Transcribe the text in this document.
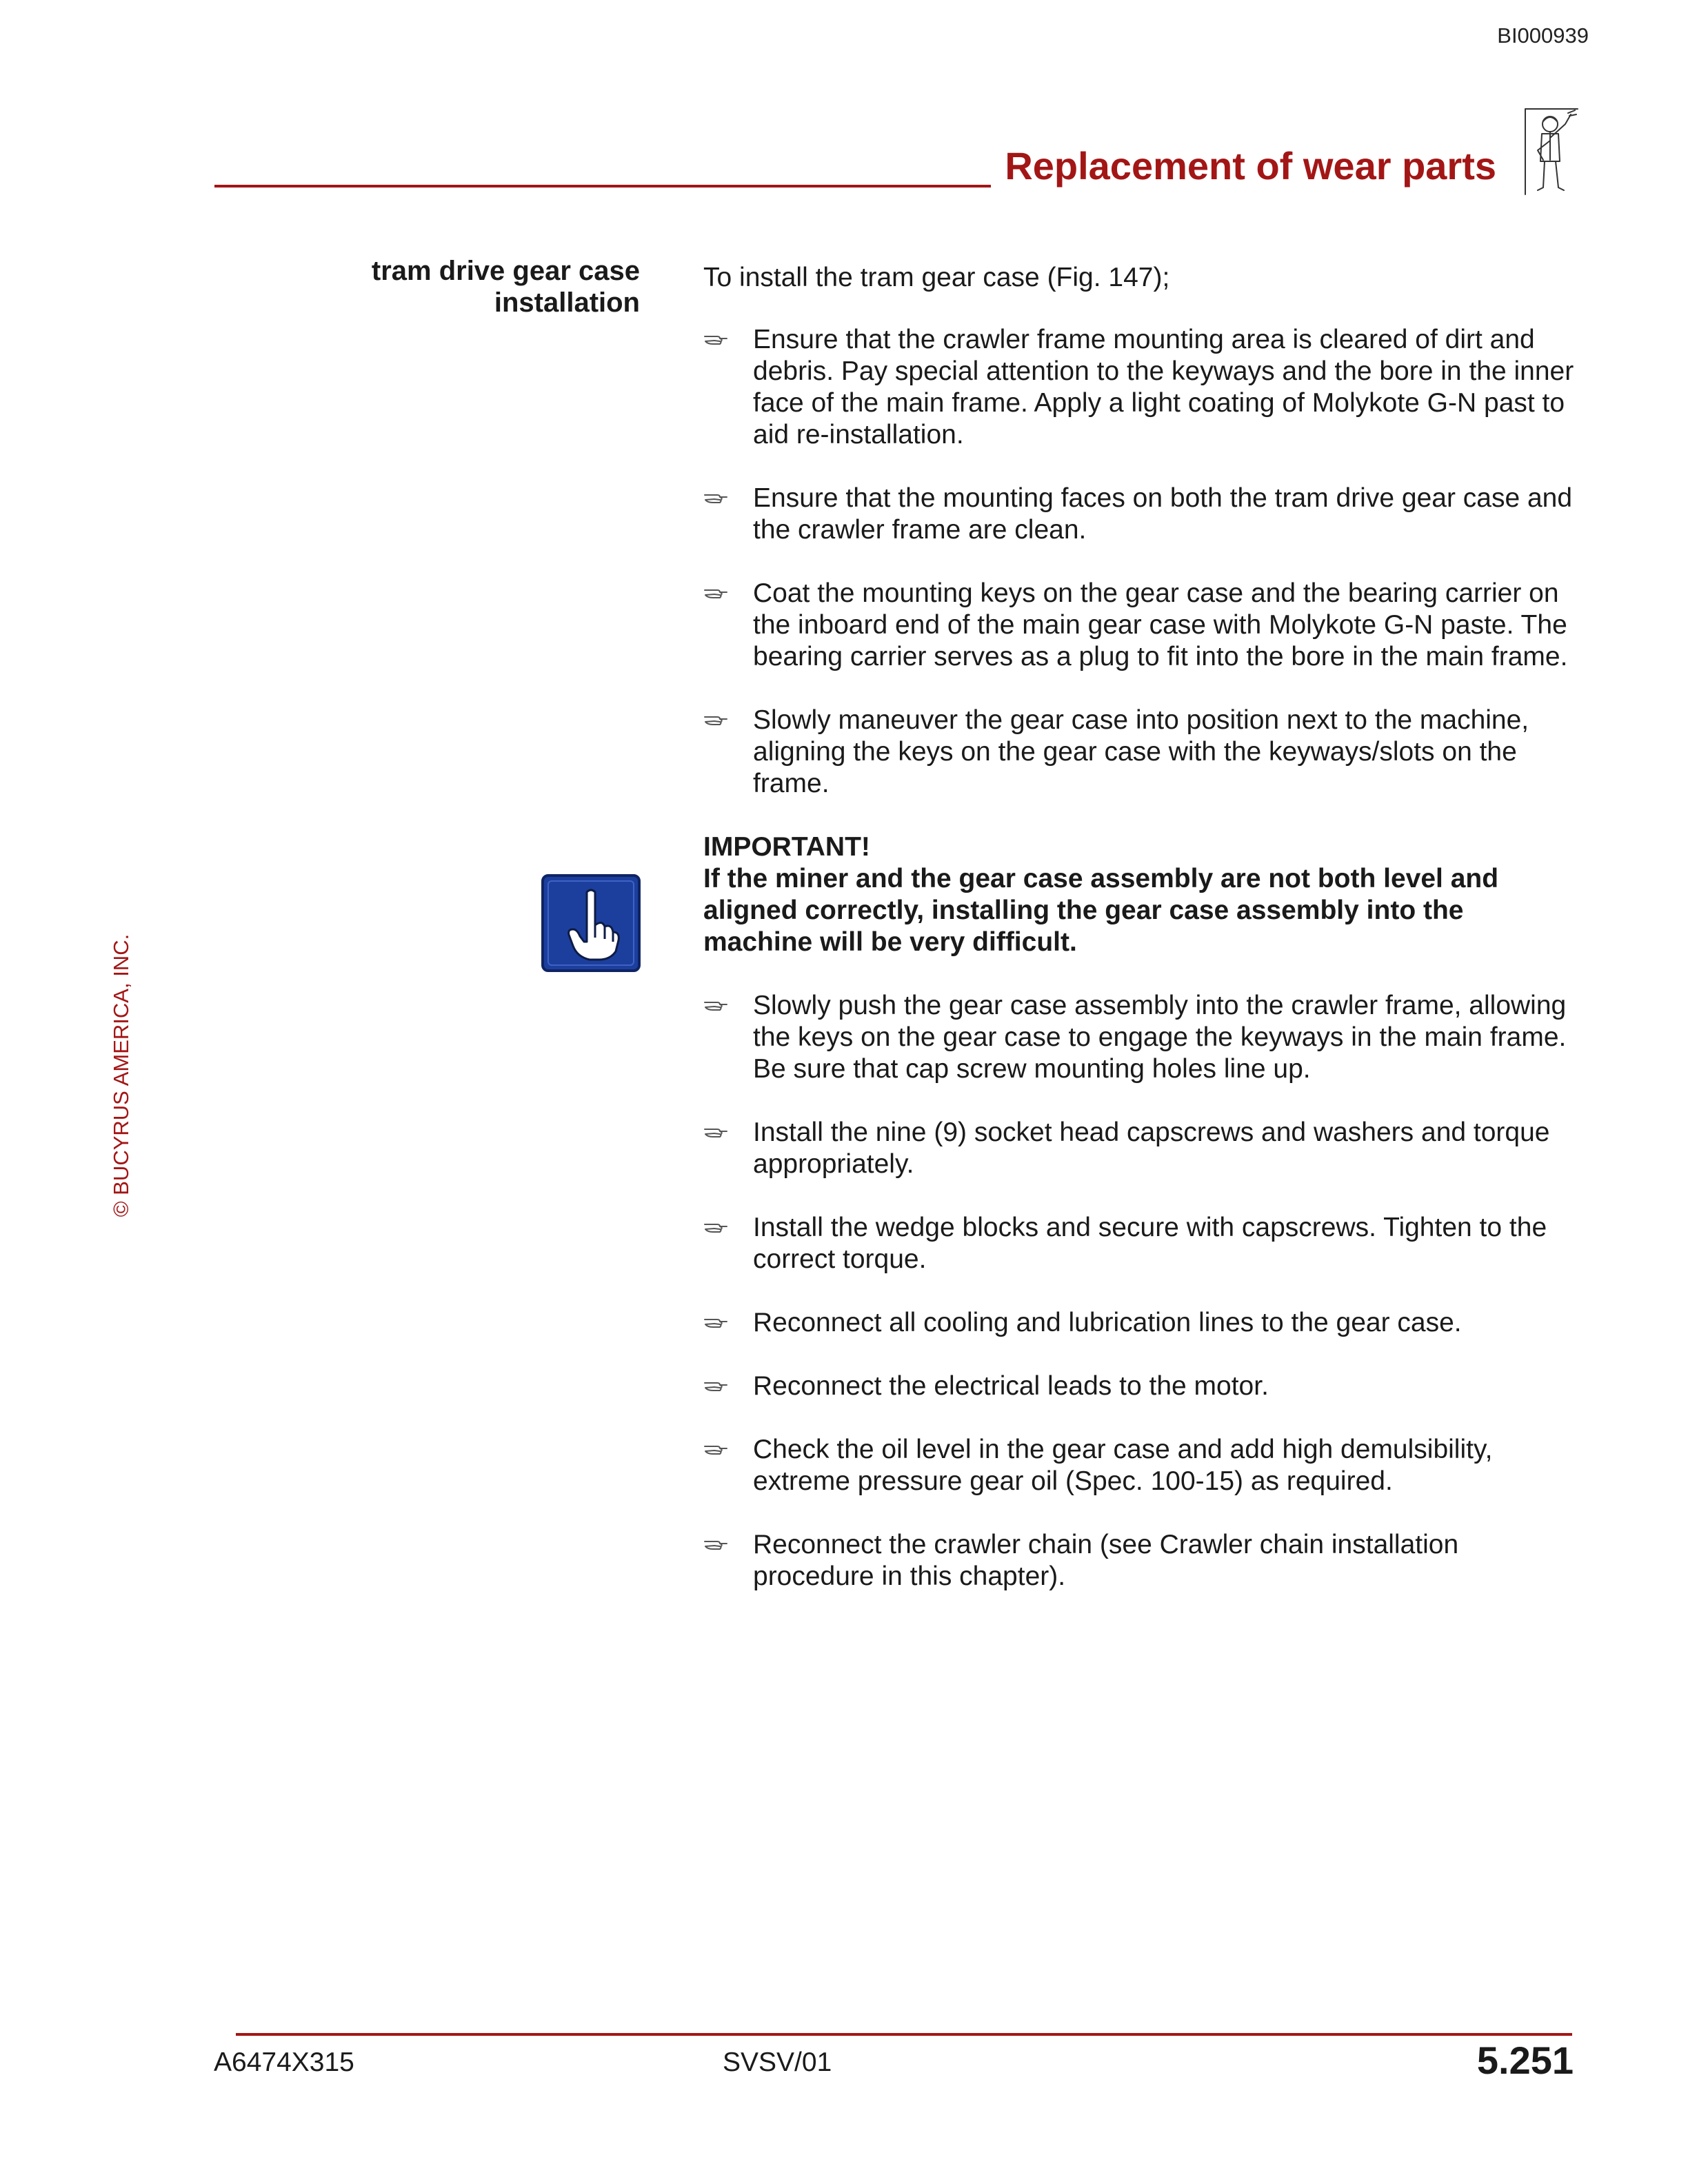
BI000939
Replacement of wear parts
© BUCYRUS AMERICA, INC.
tram drive gear case
installation

To install the tram gear case (Fig. 147);

Ensure that the crawler frame mounting area is cleared of dirt and debris. Pay special attention to the keyways and the bore in the inner face of the main frame. Apply a light coating of Molykote G-N past to aid re-installation.
Ensure that the mounting faces on both the tram drive gear case and the crawler frame are clean.
Coat the mounting keys on the gear case and the bearing carrier on the inboard end of the main gear case with Molykote G-N paste. The bearing carrier serves as a plug to fit into the bore in the main frame.
Slowly maneuver the gear case into position next to the machine, aligning the keys on the gear case with the keyways/slots on the frame.
IMPORTANT!
If the miner and the gear case assembly are not both level and aligned correctly, installing the gear case assembly into the machine will be very difficult.
Slowly push the gear case assembly into the crawler frame, allowing the keys on the gear case to engage the keyways in the main frame. Be sure that cap screw mounting holes line up.
Install the nine (9) socket head capscrews and washers and torque appropriately.
Install the wedge blocks and secure with capscrews. Tighten to the correct torque.
Reconnect all cooling and lubrication lines to the gear case.
Reconnect the electrical leads to the motor.
Check the oil level in the gear case and add high demulsibility, extreme pressure gear oil (Spec. 100-15) as required.
Reconnect the crawler chain (see Crawler chain installation procedure in this chapter).
A6474X315	SVSV/01	5.251
